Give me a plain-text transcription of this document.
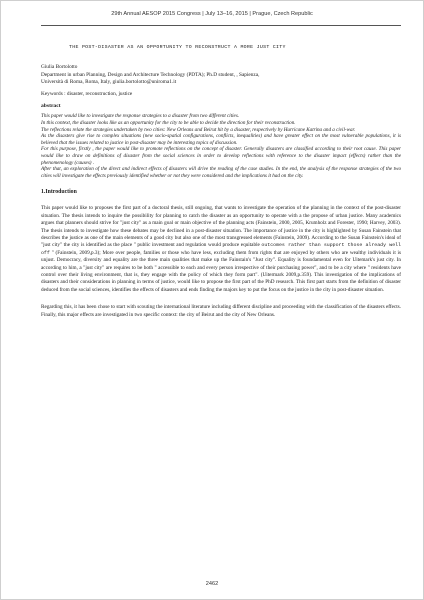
29th Annual AESOP 2015 Congress | July 13–16, 2015 | Prague, Czech Republic
THE POST-DISASTER AS AN OPPORTUNITY TO RECONSTRUCT A MORE JUST CITY
Giulia Bortolotto
Department in urban Planning, Design and Architecture Technology (PDTA); Ph.D student, , Sapienza,
Università di Roma, Roma, Italy, giulia.bortolotto@uniroma1.it
Keywords : disaster, reconstruction, justice
abstract

This paper would like to investigate the response strategies to a disaster from two different cities.

In this context, the disaster looks like as an opportunity for the city to be able to decide the direction for their reconstruction.

The reflections relate the strategies undertaken by two cities: New Orleans and Beirut hit by a disaster, respectively by Hurricane Katrina and a civil-war.

As the disasters give rise to complex situations (new socio-spatial configurations, conflicts, inequalities) and have greater effect on the most vulnerable populations, it is believed that the issues related to justice in post-disaster may be interesting topics of discussion.

For this purpose, firstly , the paper would like to promote reflections on the concept of disaster. Generally disasters are classified according to their root cause. This paper would like to draw on definitions of disaster from the social sciences in order to develop reflections with reference to the disaster impact (effects) rather than the phenomenology (causes) .

After that, an exploration of the direct and indirect effects of disasters will drive the reading of the case studies. In the end, the analysis of the response strategies of the two cities will investigate the effects previously identified whether or not they were considered and the implications it had on the city.

1.Introduction

This paper would like to proposes the first part of a doctoral thesis, still ongoing, that wants to investigate the operation of the planning in the context of the post-disaster situation. The thesis intends to inquire the possibility for planning to catch the disaster as an opportunity to operate with a the propose of urban justice. Many academics argues that planners should strive for "just city" as a main goal or main objective of the planning acts (Fainstein, 2000, 2005, Krumholz and Forester, 1990; Harvey, 2003). The thesis intends to investigate how these debates may be declined in a post-disaster situation. The importance of justice in the city is highlighted by Susan Fainstein that describes the justice as one of the main elements of a good city but also one of the most transgressed elements (Fainstein, 2009). According to the Susan Fainstein's ideal of "just city" the city is identified as the place " public investment and regulation would produce equitable outcomes rather than support those already well off " (Fainstein, 2009,p.3); More over people, families or those who have less, excluding them from rights that are enjoyed by others who are wealthy individuals it is unjust. Democracy, diversity and equality are the three main qualities that make up the Fainstain's "Just city". Equality is foundamental even for Uitemark's just city. In according to him, a "just city" are requires to be both " accessible to each and every person irrespective of their purchasing power", and to be a city where " residents have control over their living environment, that is, they engage with the policy of which they form part". (Uitermark 2009,p.359). This investigation of the implications of disasters and their considerations in planning in terms of justice, would like to propose the first part of the PhD research. This first part starts from the definition of disaster deduced from the social sciences, identifies the effects of disasters and ends finding the majors key to put the focus on the justice in the city in post-disaster situation.

Regarding this, it has been chose to start with scouting the international literature including different discipline and proceeding with the classification of the disasters effects. Finally, this major effects are investigated in two specific context: the city of Beirut and the city of New Orleans.

2462
